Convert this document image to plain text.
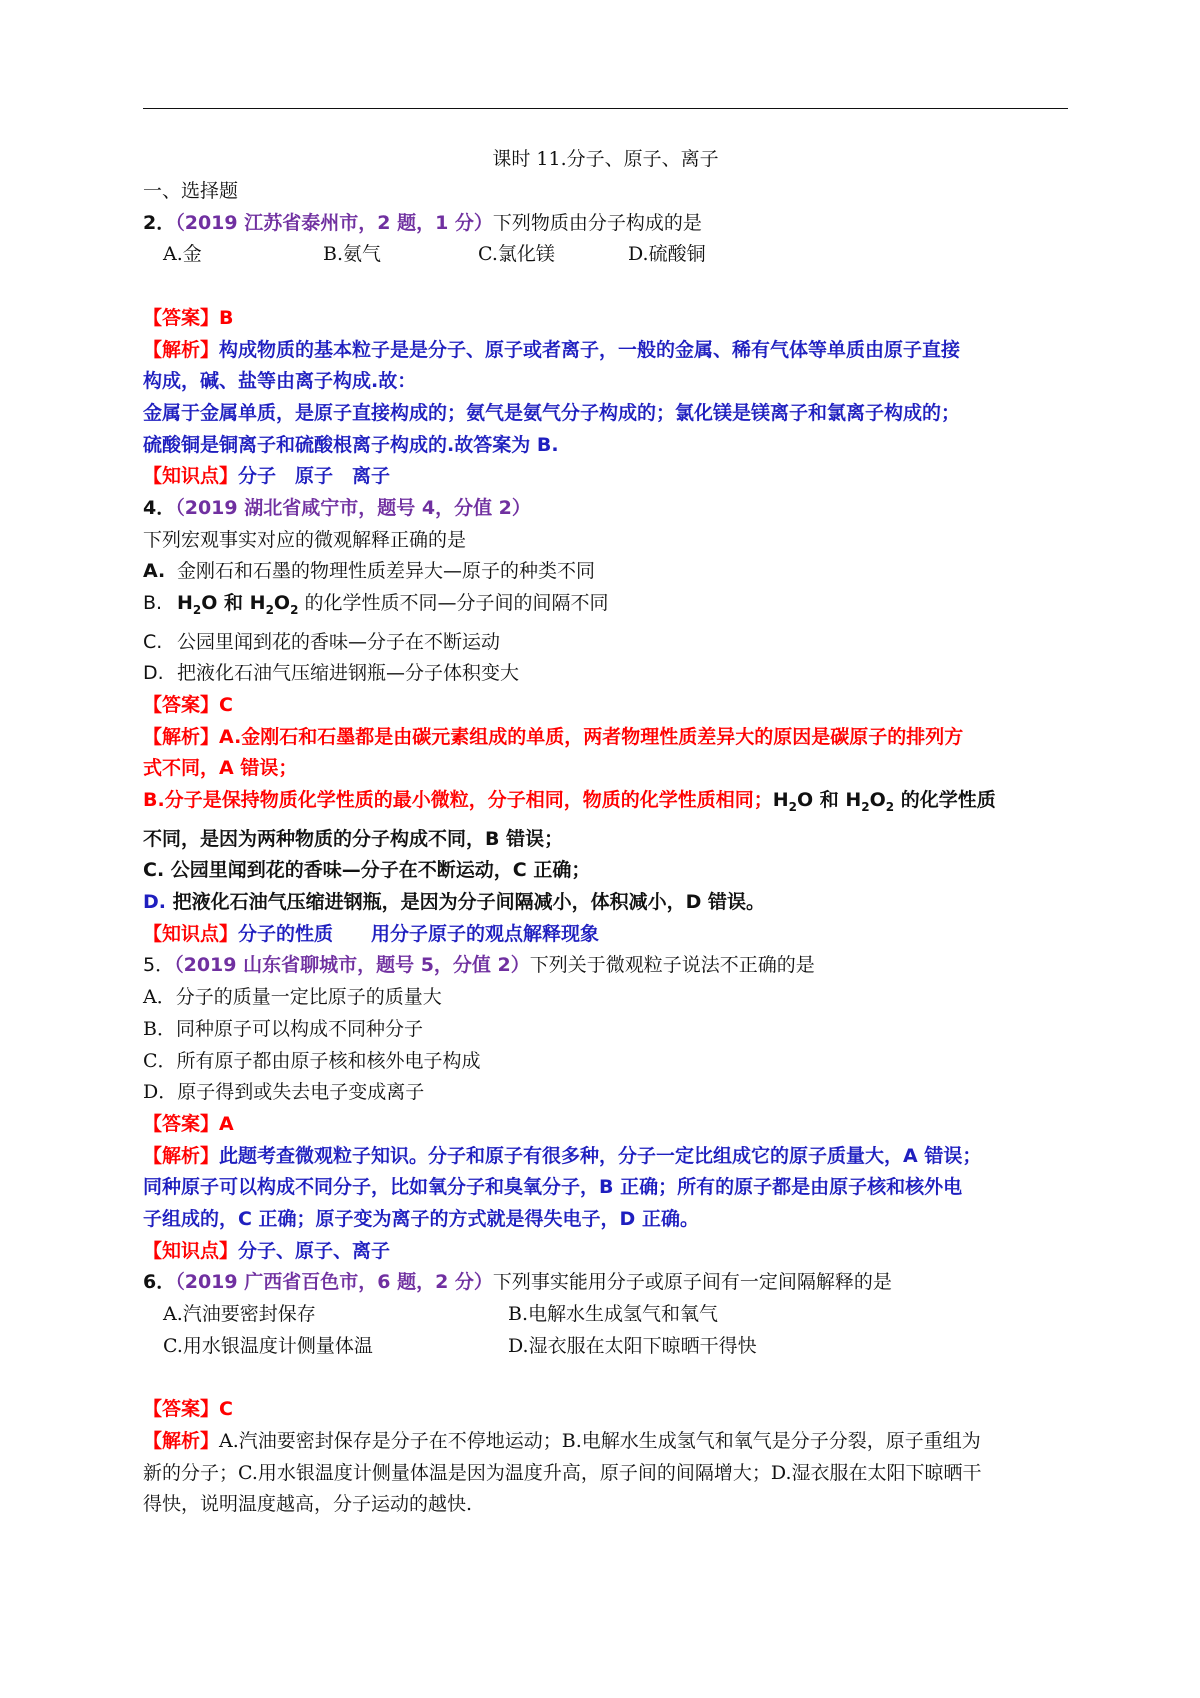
课时 11.分子、原子、离子
一、选择题
2．（2019 江苏省泰州市，2 题，1 分）下列物质由分子构成的是
A.金	B.氨气	C.氯化镁	D.硫酸铜
【答案】B
【解析】构成物质的基本粒子是是分子、原子或者离子，一般的金属、稀有气体等单质由原子直接
构成，碱、盐等由离子构成.故：
金属于金属单质，是原子直接构成的；氨气是氨气分子构成的；氯化镁是镁离子和氯离子构成的；
硫酸铜是铜离子和硫酸根离子构成的.故答案为 B.
【知识点】分子　原子　离子
4．（2019 湖北省咸宁市，题号 4，分值 2）
下列宏观事实对应的微观解释正确的是
A. 金刚石和石墨的物理性质差异大—原子的种类不同
B. $H_2O$ 和 $H_2O_2$ 的化学性质不同—分子间的间隔不同
C. 公园里闻到花的香味—分子在不断运动
D. 把液化石油气压缩进钢瓶—分子体积变大
【答案】C
【解析】A.金刚石和石墨都是由碳元素组成的单质，两者物理性质差异大的原因是碳原子的排列方
式不同，A 错误；
B.分子是保持物质化学性质的最小微粒，分子相同，物质的化学性质相同；$H_2O$ 和 $H_2O_2$ 的化学性质
不同，是因为两种物质的分子构成不同，B 错误；
C. 公园里闻到花的香味—分子在不断运动，C 正确；
D. 把液化石油气压缩进钢瓶，是因为分子间隔减小，体积减小，D 错误。
【知识点】分子的性质　　用分子原子的观点解释现象
5．（2019 山东省聊城市，题号 5，分值 2）下列关于微观粒子说法不正确的是
A．分子的质量一定比原子的质量大
B．同种原子可以构成不同种分子
C．所有原子都由原子核和核外电子构成
D．原子得到或失去电子变成离子
【答案】A
【解析】此题考查微观粒子知识。分子和原子有很多种，分子一定比组成它的原子质量大，A 错误；
同种原子可以构成不同分子，比如氧分子和臭氧分子，B 正确；所有的原子都是由原子核和核外电
子组成的，C 正确；原子变为离子的方式就是得失电子，D 正确。
【知识点】分子、原子、离子
6．（2019 广西省百色市，6 题，2 分）下列事实能用分子或原子间有一定间隔解释的是
A.汽油要密封保存	B.电解水生成氢气和氧气
C.用水银温度计侧量体温	D.湿衣服在太阳下晾晒干得快
【答案】C
【解析】A.汽油要密封保存是分子在不停地运动；B.电解水生成氢气和氧气是分子分裂，原子重组为
新的分子；C.用水银温度计侧量体温是因为温度升高，原子间的间隔增大；D.湿衣服在太阳下晾晒干
得快，说明温度越高，分子运动的越快.
